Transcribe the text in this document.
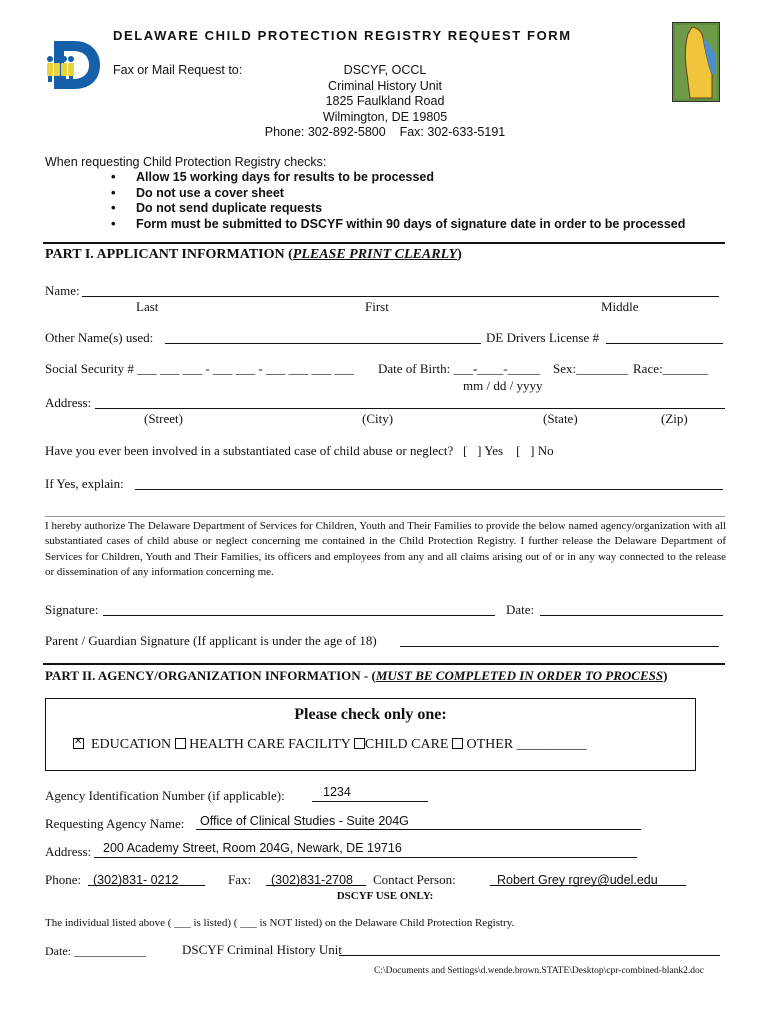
DELAWARE CHILD PROTECTION REGISTRY REQUEST FORM
Fax or Mail Request to:	DSCYF, OCCL
Criminal History Unit
1825 Faulkland Road
Wilmington, DE 19805
Phone: 302-892-5800    Fax: 302-633-5191
When requesting Child Protection Registry checks:
• Allow 15 working days for results to be processed
• Do not use a cover sheet
• Do not send duplicate requests
• Form must be submitted to DSCYF within 90 days of signature date in order to be processed
PART I. APPLICANT INFORMATION (PLEASE PRINT CLEARLY)
Name:
Last	First	Middle
Other Name(s) used:	DE Drivers License #
Social Security # ___ ___ ___ - ___ ___ - ___ ___ ___ ___ Date of Birth: ___-____-_____ Sex:________ Race:_______
mm / dd / yyyy
Address:
(Street)	(City)	(State)	(Zip)
Have you ever been involved in a substantiated case of child abuse or neglect?   [   ] Yes    [   ] No
If Yes, explain:
I hereby authorize The Delaware Department of Services for Children, Youth and Their Families to provide the below named agency/organization with all substantiated cases of child abuse or neglect concerning me contained in the Child Protection Registry. I further release the Delaware Department of Services for Children, Youth and Their Families, its officers and employees from any and all claims arising out of or in any way connected to the release or dissemination of any information concerning me.
Signature:	Date:
Parent / Guardian Signature (If applicant is under the age of 18)
PART II. AGENCY/ORGANIZATION INFORMATION - (MUST BE COMPLETED IN ORDER TO PROCESS)
Please check only one:
✕  EDUCATION HEALTH CARE FACILITY CHILD CARE OTHER __________
Agency Identification Number (if applicable):	1234
Requesting Agency Name: Office of Clinical Studies - Suite 204G
Address: 200 Academy Street, Room 204G, Newark, DE 19716
Phone: (302)831- 0212	Fax: (302)831-2708 Contact Person:	Robert Grey rgrey@udel.edu
DSCYF USE ONLY:
The individual listed above ( ___ is listed) ( ___ is NOT listed) on the Delaware Child Protection Registry.
Date: ____________	DSCYF Criminal History Unit
C:\Documents and Settings\d.wende.brown.STATE\Desktop\cpr-combined-blank2.doc
